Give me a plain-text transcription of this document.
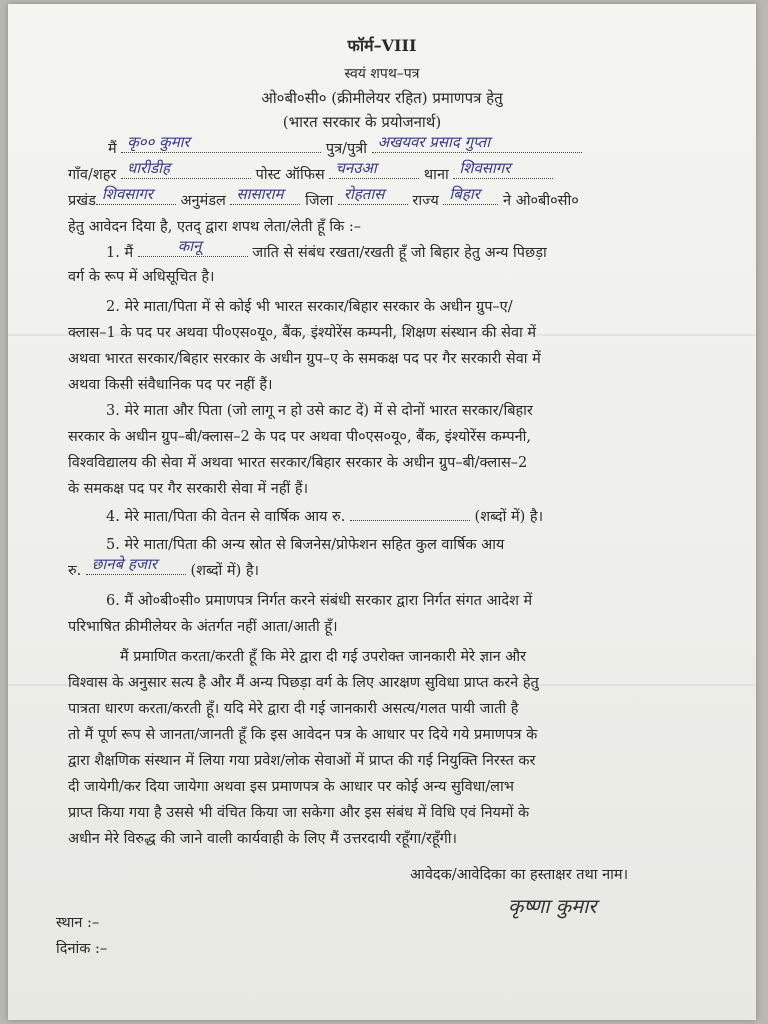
फॉर्म–VIII
स्वयं शपथ–पत्र
ओ०बी०सी० (क्रीमीलेयर रहित) प्रमाणपत्र हेतु
(भारत सरकार के प्रयोजनार्थ)
मैं कृ०० कुमार	पुत्र/पुत्री अखयवर प्रसाद गुप्ता
गाँव/शहर धारीडीह	पोस्ट ऑफिस चनउआ	थाना शिवसागर
प्रखंड शिवसागर अनुमंडल सासाराम जिला रोहतास राज्य बिहार ने ओ०बी०सी०
हेतु आवेदन दिया है, एतद् द्वारा शपथ लेता/लेती हूँ कि :–
1. मैं	कानू	जाति से संबंध रखता/रखती हूँ जो बिहार हेतु अन्य पिछड़ा
वर्ग के रूप में अधिसूचित है।
2. मेरे माता/पिता में से कोई भी भारत सरकार/बिहार सरकार के अधीन ग्रुप–ए/
क्लास–1 के पद पर अथवा पी०एस०यू०, बैंक, इंश्योरेंस कम्पनी, शिक्षण संस्थान की सेवा में
अथवा भारत सरकार/बिहार सरकार के अधीन ग्रुप–ए के समकक्ष पद पर गैर सरकारी सेवा में
अथवा किसी संवैधानिक पद पर नहीं हैं।
3. मेरे माता और पिता (जो लागू न हो उसे काट दें) में से दोनों भारत सरकार/बिहार
सरकार के अधीन ग्रुप–बी/क्लास–2 के पद पर अथवा पी०एस०यू०, बैंक, इंश्योरेंस कम्पनी,
विश्वविद्यालय की सेवा में अथवा भारत सरकार/बिहार सरकार के अधीन ग्रुप–बी/क्लास–2
के समकक्ष पद पर गैर सरकारी सेवा में नहीं हैं।
4. मेरे माता/पिता की वेतन से वार्षिक आय रु.	(शब्दों में) है।
5. मेरे माता/पिता की अन्य स्रोत से बिजनेस/प्रोफेशन सहित कुल वार्षिक आय
रु. छानबे हजार (शब्दों में) है।
6. मैं ओ०बी०सी० प्रमाणपत्र निर्गत करने संबंधी सरकार द्वारा निर्गत संगत आदेश में
परिभाषित क्रीमीलेयर के अंतर्गत नहीं आता/आती हूँ।
मैं प्रमाणित करता/करती हूँ कि मेरे द्वारा दी गई उपरोक्त जानकारी मेरे ज्ञान और
विश्वास के अनुसार सत्य है और मैं अन्य पिछड़ा वर्ग के लिए आरक्षण सुविधा प्राप्त करने हेतु
पात्रता धारण करता/करती हूँ। यदि मेरे द्वारा दी गई जानकारी असत्य/गलत पायी जाती है
तो मैं पूर्ण रूप से जानता/जानती हूँ कि इस आवेदन पत्र के आधार पर दिये गये प्रमाणपत्र के
द्वारा शैक्षणिक संस्थान में लिया गया प्रवेश/लोक सेवाओं में प्राप्त की गई नियुक्ति निरस्त कर
दी जायेगी/कर दिया जायेगा अथवा इस प्रमाणपत्र के आधार पर कोई अन्य सुविधा/लाभ
प्राप्त किया गया है उससे भी वंचित किया जा सकेगा और इस संबंध में विधि एवं नियमों के
अधीन मेरे विरुद्ध की जाने वाली कार्यवाही के लिए मैं उत्तरदायी रहूँगा/रहूँगी।
आवेदक/आवेदिका का हस्ताक्षर तथा नाम।
कृष्णा कुमार
स्थान :–
दिनांक :–
